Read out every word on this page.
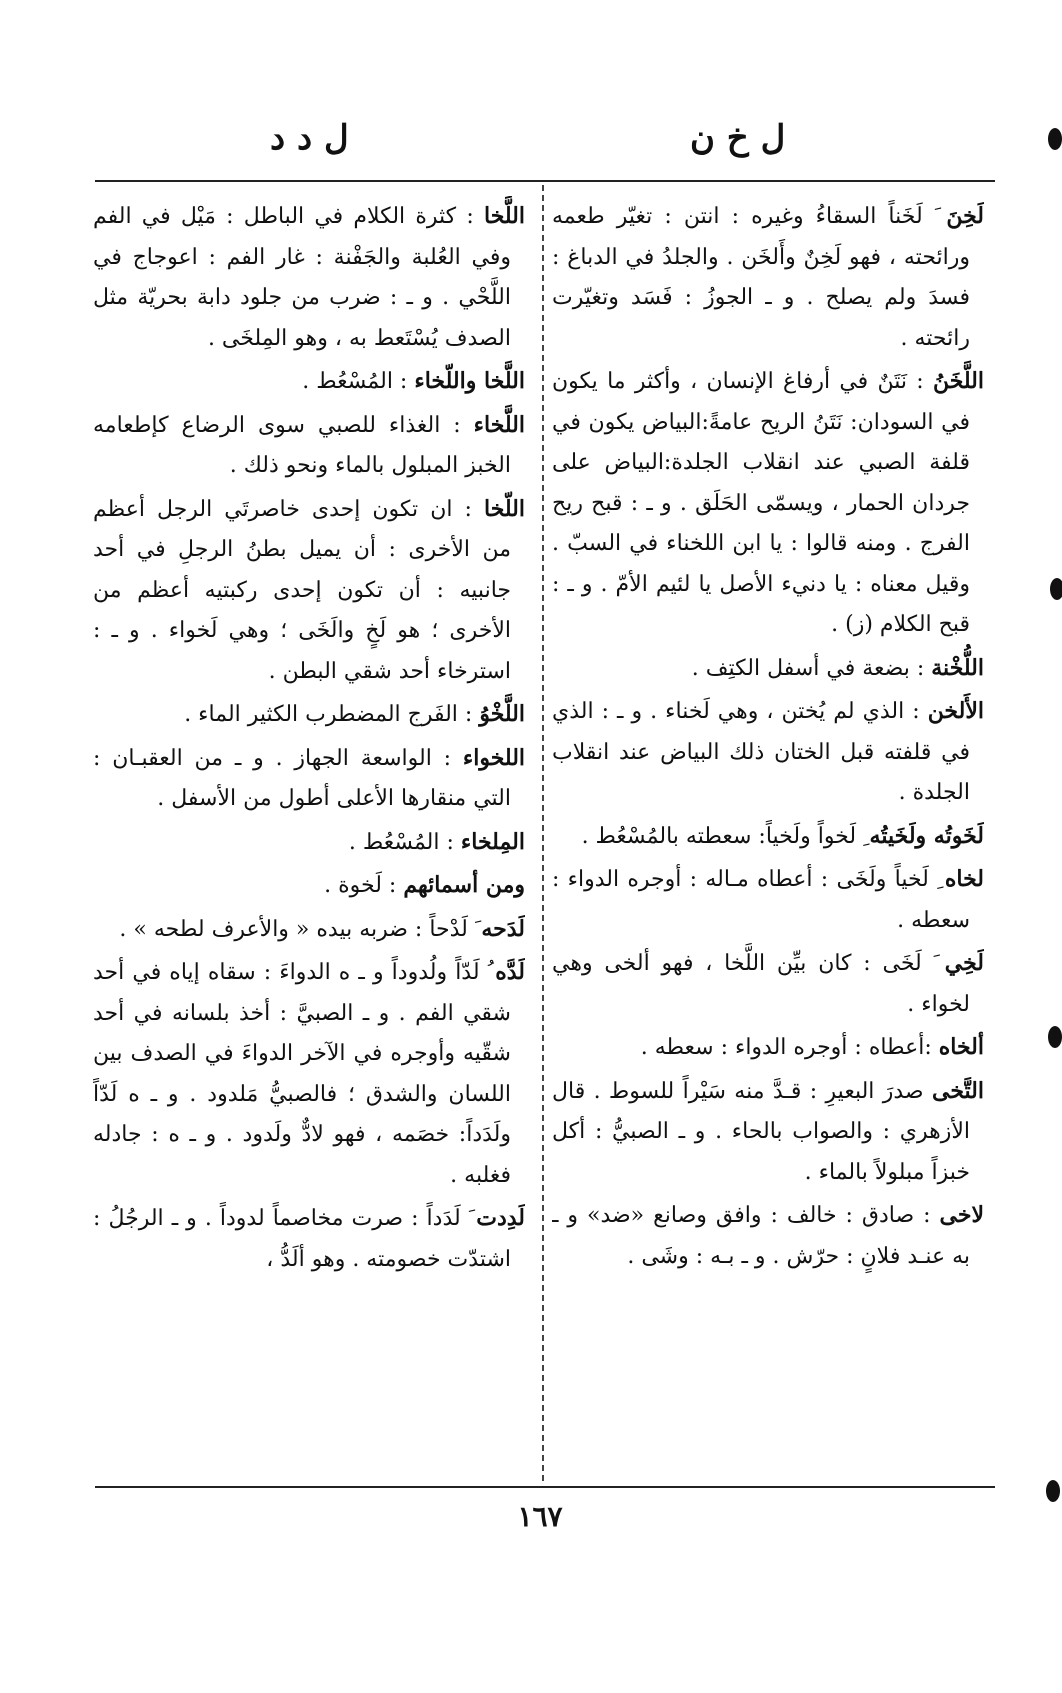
ل خ ن
ل د د
لَخِنَ َ لَخَناً السقاءُ وغيره : انتن : تغيّر طعمه ورائحته ، فهو لَخِنٌ وأَلخَن . والجلدُ في الدباغ : فسدَ ولم يصلح . و ـ الجوزُ : فَسَد وتغيّرت رائحته .
اللَّخَنُ : نَتَنٌ في أرفاغ الإنسان ، وأكثر ما يكون في السودان: نَتَنُ الريح عامةً:البياض يكون في قلفة الصبي عند انقلاب الجلدة:البياض على جردان الحمار ، ويسمّى الحَلَق . و ـ : قبح ريح الفرج . ومنه قالوا : يا ابن اللخناء في السبّ . وقيل معناه : يا دنيء الأصل يا لئيم الأمّ . و ـ : قبح الكلام (ز) .
اللُّخْنة : بضعة في أسفل الكتِف .
الأَلخن : الذي لم يُختن ، وهي لَخناء . و ـ : الذي في قلفته قبل الختان ذلك البياض عند انقلاب الجلدة .
لَخَوتُه ولَخَيتُه ِ لَخواً ولَخياً: سعطته بالمُسْعُط .
لخاه ِ لَخياً ولَخَى : أعطاه مـاله : أوجره الدواء : سعطه .
لَخِي َ لَخَى : كان بيِّن اللَّخا ، فهو ألخى وهي لخواء .
ألخاه :أعطاه : أوجره الدواء : سعطه .
التَّخى صدرَ البعيرِ : قـدَّ منه سَيْراً للسوط . قال الأزهري : والصواب بالحاء . و ـ الصبيُّ : أكل خبزاً مبلولاً بالماء .
لاخى : صادق : خالف : وافق وصانع «ضد» و ـ به عنـد فلانٍ : حرّش . و ـ بـه : وشَى .
اللَّخا : كثرة الكلام في الباطل : مَيْل في الفم وفي العُلبة والجَفْنة : غار الفم : اعوجاج في اللَّحْي . و ـ : ضرب من جلود دابة بحريّة مثل الصدف يُسْتَعط به ، وهو المِلخَى .
اللَّخا واللّخاء : المُسْعُط .
اللَّخاء : الغذاء للصبي سوى الرضاع كإطعامه الخبز المبلول بالماء ونحو ذلك .
اللّخا : ان تكون إحدى خاصرتَي الرجل أعظم من الأخرى : أن يميل بطنُ الرجلِ في أحد جانبيه : أن تكون إحدى ركبتيه أعظم من الأخرى ؛ هو لَخٍ والَخَى ؛ وهي لَخواء . و ـ : استرخاء أحد شقي البطن .
اللَّخْوُ : الفَرج المضطرب الكثير الماء .
اللخواء : الواسعة الجهاز . و ـ من العقبـان : التي منقارها الأعلى أطول من الأسفل .
المِلخاء : المُسْعُط .
ومن أسمائهم : لَخوة .
لَدَحه َ لَدْحاً : ضربه بيده « والأعرف لطحه » .
لَدَّه ُ لَدّاً ولُدوداً و ـ ه الدواءَ : سقاه إياه في أحد شقي الفم . و ـ الصبيَّ : أخذ بلسانه في أحد شقّيه وأوجره في الآخر الدواءَ في الصدف بين اللسان والشدق ؛ فالصبيُّ مَلدود . و ـ ه لَدّاً ولَدَداً: خصَمه ، فهو لادٌّ ولَدود . و ـ ه : جادله فغلبه .
لَدِدت َ لَدَداً : صرت مخاصماً لدوداً . و ـ الرجُلُ : اشتدّت خصومته . وهو ألَدُّ ،
١٦٧
